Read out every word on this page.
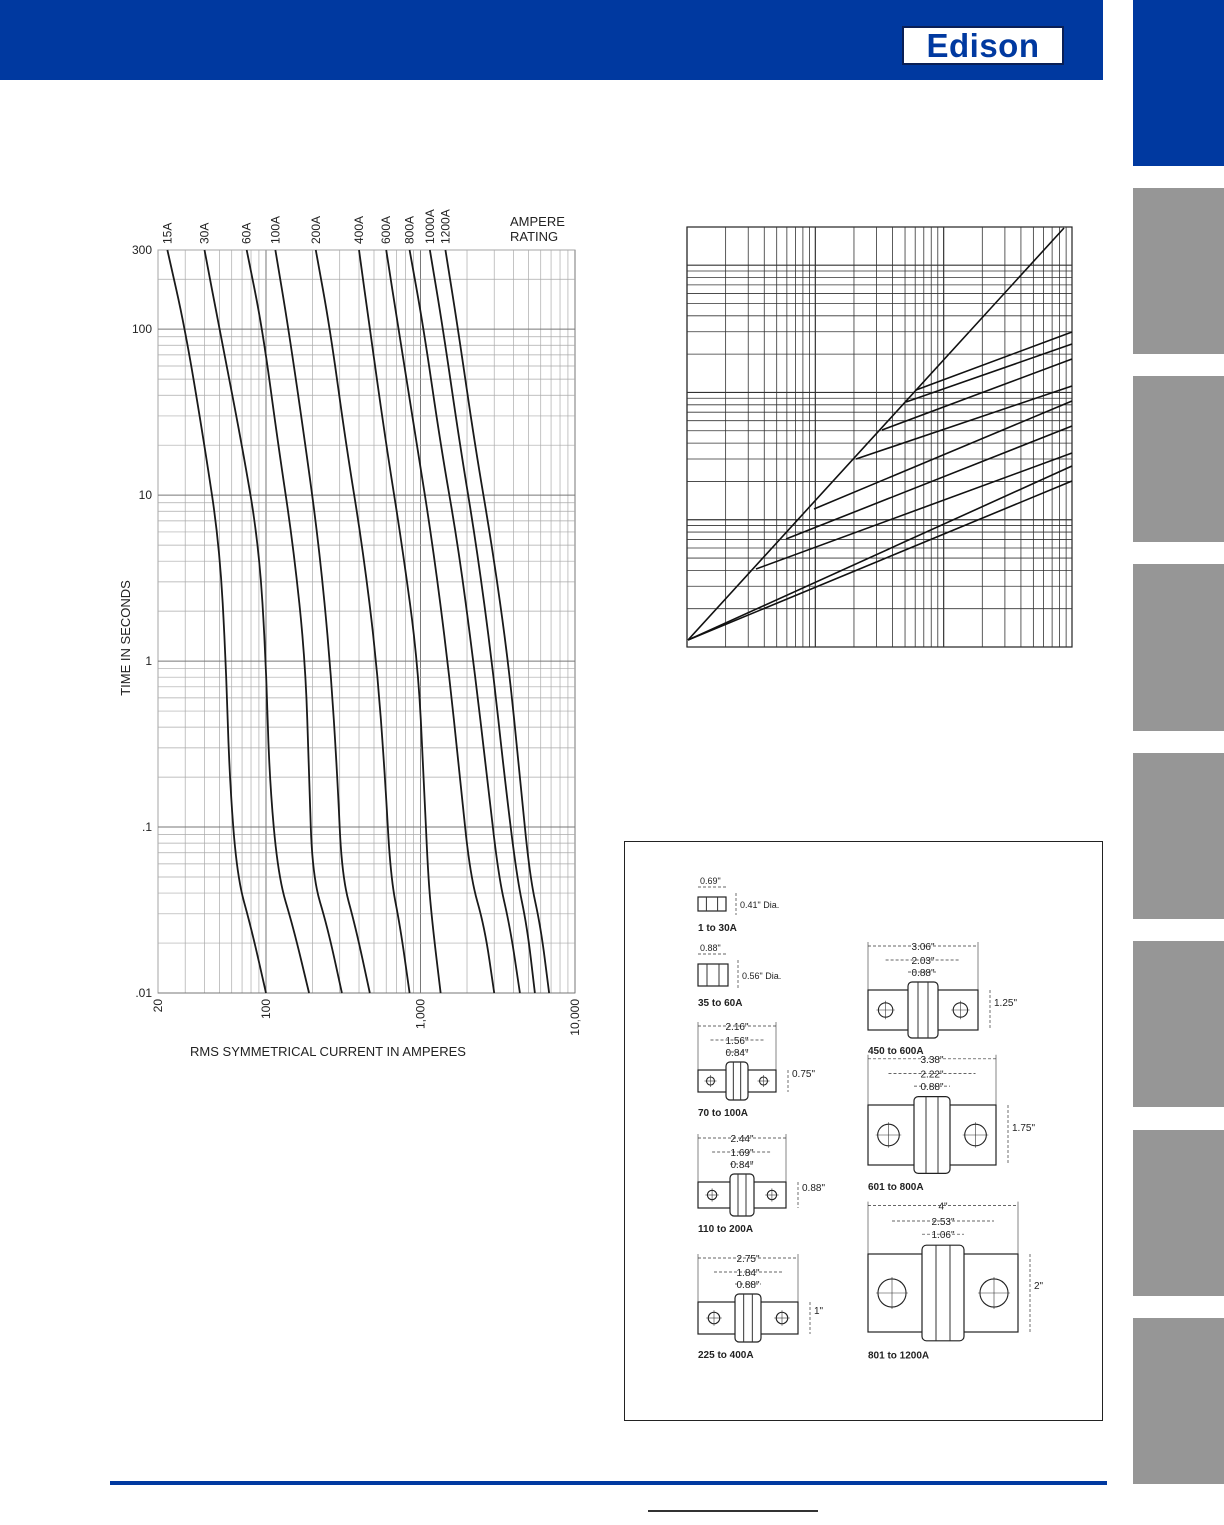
Edison
300
100
10
1
.1
.01
20	100	1,000	10,000
15A 30A 60A 100A 200A 400A 600A 800A 1000A 1200A	AMPERE
RATING
TIME IN SECONDS
RMS SYMMETRICAL CURRENT IN AMPERES
0.69"
0.41" Dia.
1 to 30A
0.88"
0.56" Dia.
35 to 60A
2.16"
1.56"
0.84"
0.75"
70 to 100A
2.44"
1.69"
0.84"
0.88"
110 to 200A
2.75"
1.84"
0.88"
1"
225 to 400A
3.06"
2.03"
0.88"
1.25"
450 to 600A
3.38"
2.22"
0.88"
1.75"
601 to 800A
4"
2.53"
1.06"
2"
801 to 1200A
